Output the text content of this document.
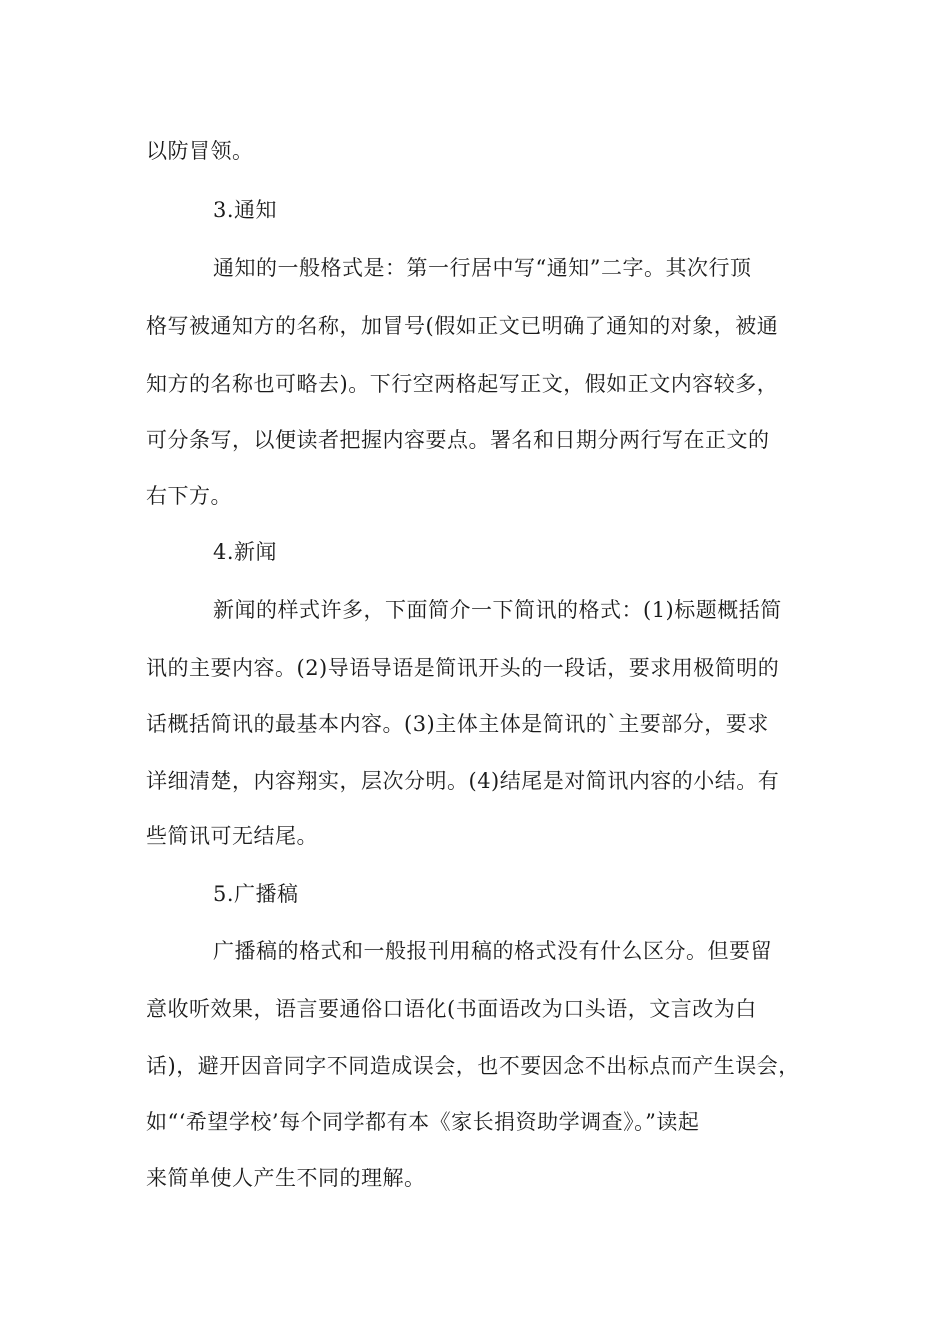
以防冒领。
3.通知
通知的一般格式是：第一行居中写“通知”二字。其次行顶
格写被通知方的名称，加冒号(假如正文已明确了通知的对象，被通
知方的名称也可略去)。下行空两格起写正文，假如正文内容较多，
可分条写，以便读者把握内容要点。署名和日期分两行写在正文的
右下方。
4.新闻
新闻的样式许多，下面简介一下简讯的格式：(1)标题概括简
讯的主要内容。(2)导语导语是简讯开头的一段话，要求用极简明的
话概括简讯的最基本内容。(3)主体主体是简讯的`主要部分，要求
详细清楚，内容翔实，层次分明。(4)结尾是对简讯内容的小结。有
些简讯可无结尾。
5.广播稿
广播稿的格式和一般报刊用稿的格式没有什么区分。但要留
意收听效果，语言要通俗口语化(书面语改为口头语，文言改为白
话)，避开因音同字不同造成误会，也不要因念不出标点而产生误会，
如“‘希望学校’每个同学都有本《家长捐资助学调查》。”读起
来简单使人产生不同的理解。
